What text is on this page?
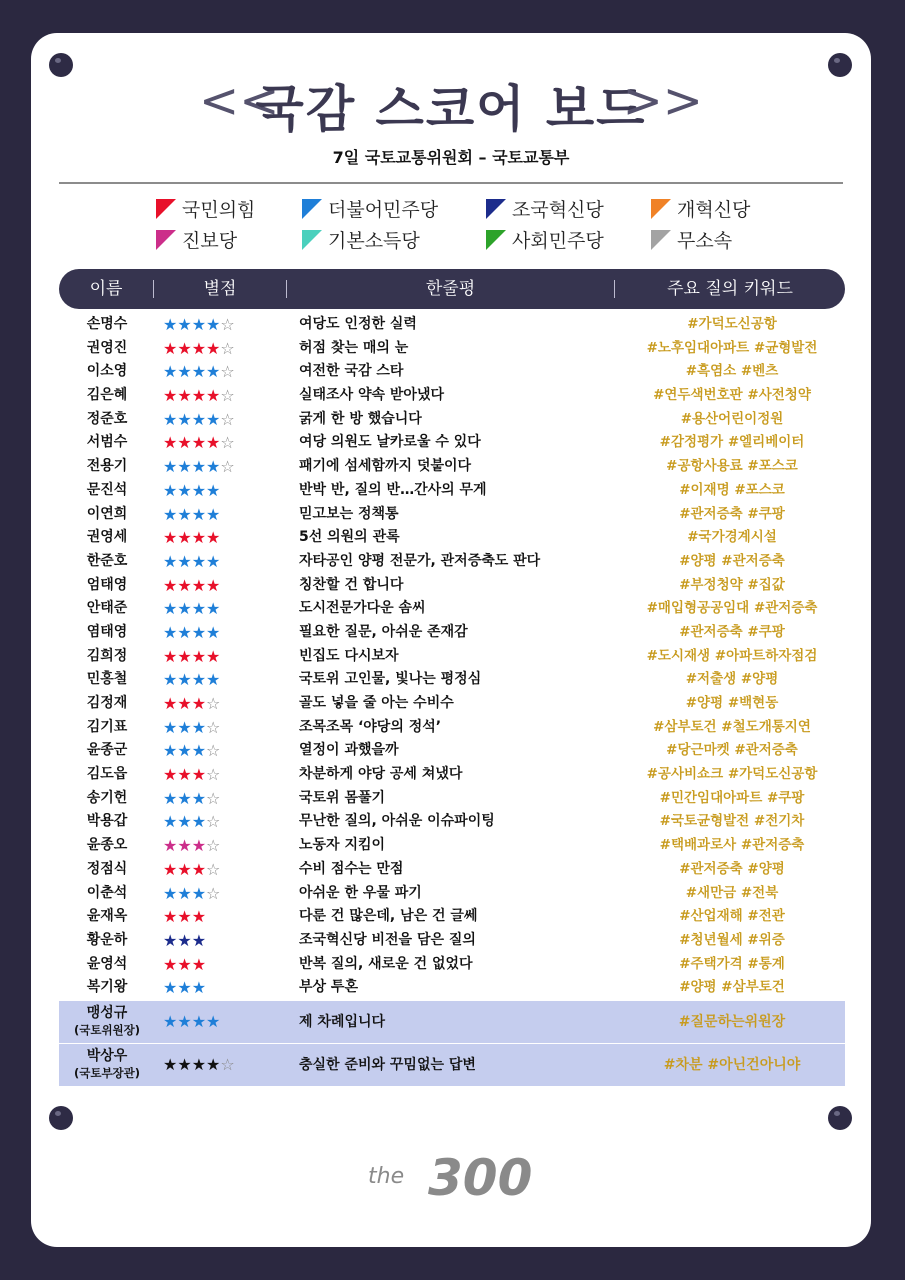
<<
국감 스코어 보드
>>
7일 국토교통위원회 – 국토교통부
국민의힘	더불어민주당	조국혁신당	개혁신당
진보당	기본소득당	사회민주당	무소속
이름	별점	한줄평	주요 질의 키워드
손명수	★★★★☆	여당도 인정한 실력	#가덕도신공항
권영진	★★★★☆	허점 찾는 매의 눈	#노후임대아파트 #균형발전
이소영	★★★★☆	여전한 국감 스타	#흑염소 #벤츠
김은혜	★★★★☆	실태조사 약속 받아냈다	#연두색번호판 #사전청약
정준호	★★★★☆	굵게 한 방 했습니다	#용산어린이정원
서범수	★★★★☆	여당 의원도 날카로울 수 있다	#감정평가 #엘리베이터
전용기	★★★★☆	패기에 섬세함까지 덧붙이다	#공항사용료 #포스코
문진석	★★★★	반박 반, 질의 반…간사의 무게	#이재명 #포스코
이연희	★★★★	믿고보는 정책통	#관저증축 #쿠팡
권영세	★★★★	5선 의원의 관록	#국가경계시설
한준호	★★★★	자타공인 양평 전문가, 관저증축도 판다	#양평 #관저증축
엄태영	★★★★	칭찬할 건 합니다	#부정청약 #집값
안태준	★★★★	도시전문가다운 솜씨	#매입형공공임대 #관저증축
염태영	★★★★	필요한 질문, 아쉬운 존재감	#관저증축 #쿠팡
김희정	★★★★	빈집도 다시보자	#도시재생 #아파트하자점검
민홍철	★★★★	국토위 고인물, 빛나는 평정심	#저출생 #양평
김정재	★★★☆	골도 넣을 줄 아는 수비수	#양평 #백현동
김기표	★★★☆	조목조목 ‘야당의 정석’	#삼부토건 #철도개통지연
윤종군	★★★☆	열정이 과했을까	#당근마켓 #관저증축
김도읍	★★★☆	차분하게 야당 공세 쳐냈다	#공사비쇼크 #가덕도신공항
송기헌	★★★☆	국토위 몸풀기	#민간임대아파트 #쿠팡
박용갑	★★★☆	무난한 질의, 아쉬운 이슈파이팅	#국토균형발전 #전기차
윤종오	★★★☆	노동자 지킴이	#택배과로사 #관저증축
정점식	★★★☆	수비 점수는 만점	#관저증축 #양평
이춘석	★★★☆	아쉬운 한 우물 파기	#새만금 #전북
윤재옥	★★★	다룬 건 많은데, 남은 건 글쎄	#산업재해 #전관
황운하	★★★	조국혁신당 비전을 담은 질의	#청년월세 #위증
윤영석	★★★	반복 질의, 새로운 건 없었다	#주택가격 #통계
복기왕	★★★	부상 투혼	#양평 #삼부토건
맹성규
(국토위원장)	★★★★	제 차례입니다	#질문하는위원장
박상우
(국토부장관)	★★★★☆	충실한 준비와 꾸밈없는 답변	#차분 #아닌건아니야
the 300
